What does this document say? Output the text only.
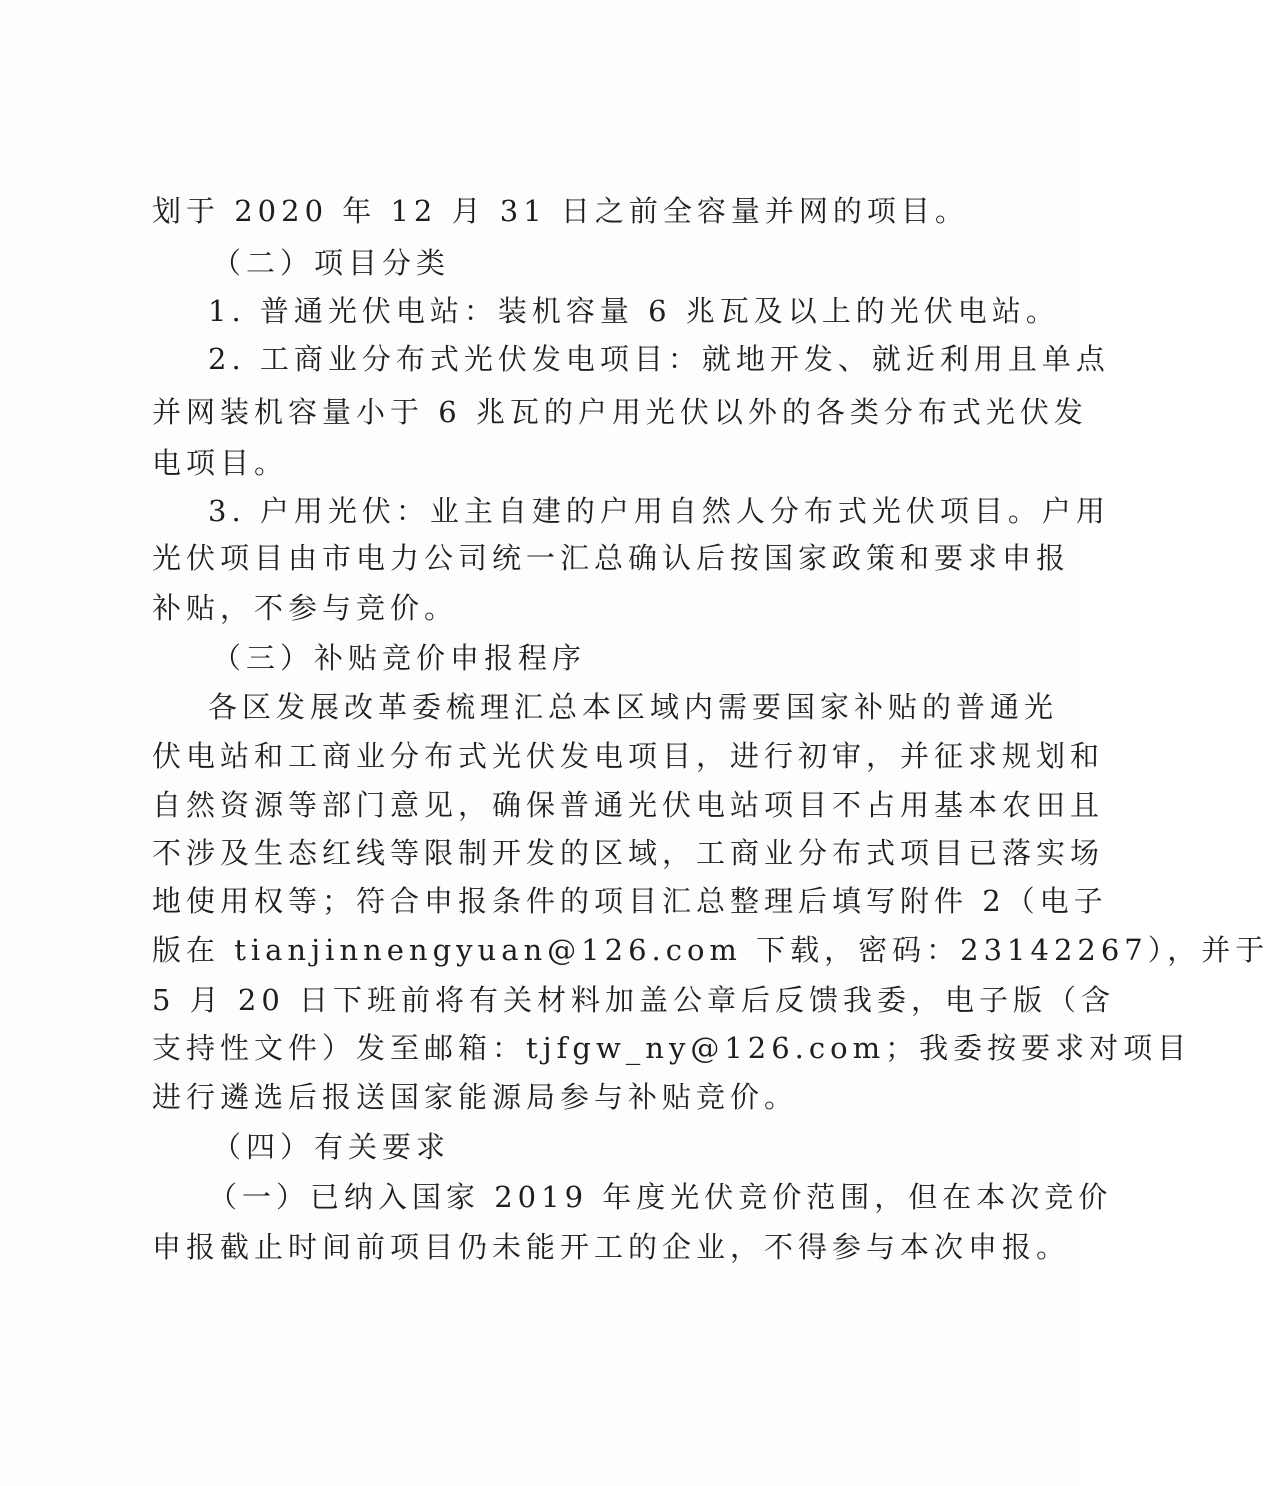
划于 2020 年 12 月 31 日之前全容量并网的项目。
（二）项目分类
1. 普通光伏电站：装机容量 6 兆瓦及以上的光伏电站。
2. 工商业分布式光伏发电项目：就地开发、就近利用且单点
并网装机容量小于 6 兆瓦的户用光伏以外的各类分布式光伏发
电项目。
3. 户用光伏：业主自建的户用自然人分布式光伏项目。户用
光伏项目由市电力公司统一汇总确认后按国家政策和要求申报
补贴，不参与竞价。
（三）补贴竞价申报程序
各区发展改革委梳理汇总本区域内需要国家补贴的普通光
伏电站和工商业分布式光伏发电项目，进行初审，并征求规划和
自然资源等部门意见，确保普通光伏电站项目不占用基本农田且
不涉及生态红线等限制开发的区域，工商业分布式项目已落实场
地使用权等；符合申报条件的项目汇总整理后填写附件 2（电子
版在 tianjinnengyuan@126.com 下载，密码：23142267），并于
5 月 20 日下班前将有关材料加盖公章后反馈我委，电子版（含
支持性文件）发至邮箱：tjfgw_ny@126.com；我委按要求对项目
进行遴选后报送国家能源局参与补贴竞价。
（四）有关要求
（一）已纳入国家 2019 年度光伏竞价范围，但在本次竞价
申报截止时间前项目仍未能开工的企业，不得参与本次申报。
